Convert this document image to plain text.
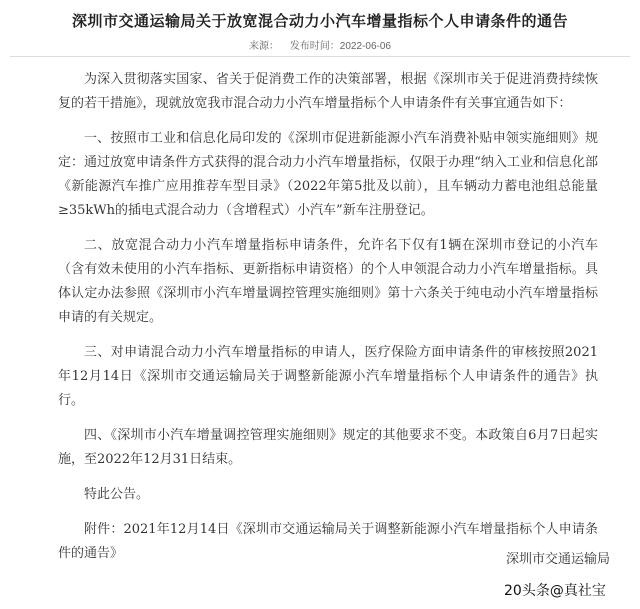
深圳市交通运输局关于放宽混合动力小汽车增量指标个人申请条件的通告
来源： 发布时间：2022-06-06

为深入贯彻落实国家、省关于促消费工作的决策部署，根据《深圳市关于促进消费持续恢复的若干措施》，现就放宽我市混合动力小汽车增量指标个人申请条件有关事宜通告如下：

一、按照市工业和信息化局印发的《深圳市促进新能源小汽车消费补贴申领实施细则》规定：通过放宽申请条件方式获得的混合动力小汽车增量指标，仅限于办理“纳入工业和信息化部《新能源汽车推广应用推荐车型目录》（2022年第5批及以前），且车辆动力蓄电池组总能量≥35kWh的插电式混合动力（含增程式）小汽车”新车注册登记。

二、放宽混合动力小汽车增量指标申请条件，允许名下仅有1辆在深圳市登记的小汽车（含有效未使用的小汽车指标、更新指标申请资格）的个人申领混合动力小汽车增量指标。具体认定办法参照《深圳市小汽车增量调控管理实施细则》第十六条关于纯电动小汽车增量指标申请的有关规定。

三、对申请混合动力小汽车增量指标的申请人，医疗保险方面申请条件的审核按照2021年12月14日《深圳市交通运输局关于调整新能源小汽车增量指标个人申请条件的通告》执行。

四、《深圳市小汽车增量调控管理实施细则》规定的其他要求不变。本政策自6月7日起实施，至2022年12月31日结束。

特此公告。

附件：2021年12月14日《深圳市交通运输局关于调整新能源小汽车增量指标个人申请条件的通告》	深圳市交通运输局
20头条@真社宝
